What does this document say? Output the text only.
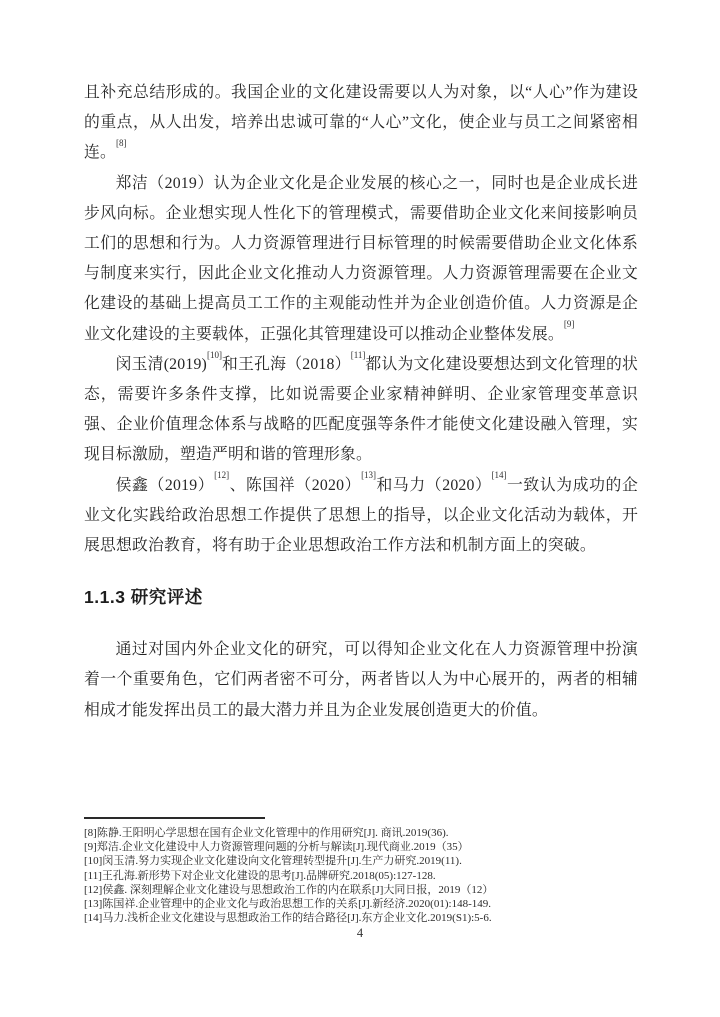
且补充总结形成的。我国企业的文化建设需要以人为对象，以“人心”作为建设的重点，从人出发，培养出忠诚可靠的“人心”文化，使企业与员工之间紧密相连。[8]

郑洁（2019）认为企业文化是企业发展的核心之一，同时也是企业成长进步风向标。企业想实现人性化下的管理模式，需要借助企业文化来间接影响员工们的思想和行为。人力资源管理进行目标管理的时候需要借助企业文化体系与制度来实行，因此企业文化推动人力资源管理。人力资源管理需要在企业文化建设的基础上提高员工工作的主观能动性并为企业创造价值。人力资源是企业文化建设的主要载体，正强化其管理建设可以推动企业整体发展。[9]

闵玉清(2019)[10]和王孔海（2018）[11]都认为文化建设要想达到文化管理的状态，需要许多条件支撑，比如说需要企业家精神鲜明、企业家管理变革意识强、企业价值理念体系与战略的匹配度强等条件才能使文化建设融入管理，实现目标激励，塑造严明和谐的管理形象。

侯鑫（2019）[12]、陈国祥（2020）[13]和马力（2020）[14]一致认为成功的企业文化实践给政治思想工作提供了思想上的指导，以企业文化活动为载体，开展思想政治教育，将有助于企业思想政治工作方法和机制方面上的突破。

1.1.3 研究评述

通过对国内外企业文化的研究，可以得知企业文化在人力资源管理中扮演着一个重要角色，它们两者密不可分，两者皆以人为中心展开的，两者的相辅相成才能发挥出员工的最大潜力并且为企业发展创造更大的价值。

[8]陈静.王阳明心学思想在国有企业文化管理中的作用研究[J]. 商讯.2019(36).
[9]郑洁.企业文化建设中人力资源管理问题的分析与解读[J].现代商业.2019（35）
[10]闵玉清.努力实现企业文化建设向文化管理转型提升[J].生产力研究.2019(11).
[11]王孔海.新形势下对企业文化建设的思考[J].品牌研究.2018(05):127-128.
[12]侯鑫. 深刻理解企业文化建设与思想政治工作的内在联系[J]大同日报，2019（12）
[13]陈国祥.企业管理中的企业文化与政治思想工作的关系[J].新经济.2020(01):148-149.
[14]马力.浅析企业文化建设与思想政治工作的结合路径[J].东方企业文化.2019(S1):5-6.
4
